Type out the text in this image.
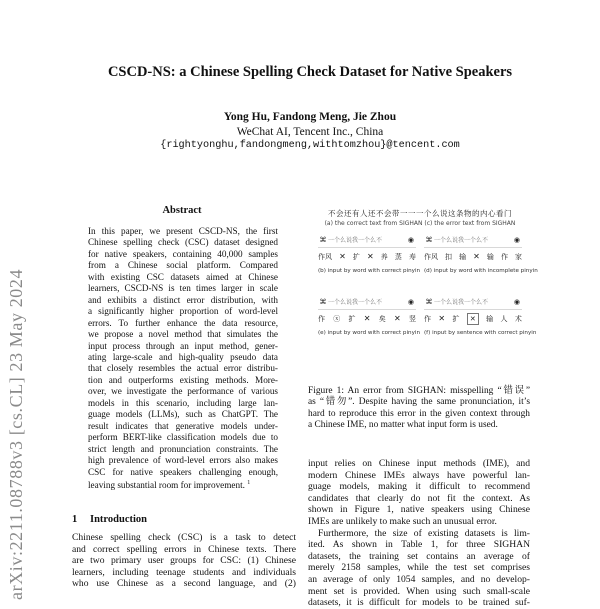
arXiv:2211.08788v3 [cs.CL] 23 May 2024
CSCD-NS: a Chinese Spelling Check Dataset for Native Speakers
Yong Hu, Fandong Meng, Jie Zhou
WeChat AI, Tencent Inc., China
{rightyonghu,fandongmeng,withtomzhou}@tencent.com
Abstract
In this paper, we present CSCD-NS, the first
Chinese spelling check (CSC) dataset designed
for native speakers, containing 40,000 samples
from a Chinese social platform. Compared
with existing CSC datasets aimed at Chinese
learners, CSCD-NS is ten times larger in scale
and exhibits a distinct error distribution, with
a significantly higher proportion of word-level
errors. To further enhance the data resource,
we propose a novel method that simulates the
input process through an input method, gener-
ating large-scale and high-quality pseudo data
that closely resembles the actual error distribu-
tion and outperforms existing methods. More-
over, we investigate the performance of various
models in this scenario, including large lan-
guage models (LLMs), such as ChatGPT. The
result indicates that generative models under-
perform BERT-like classification models due to
strict length and pronunciation constraints. The
high prevalence of word-level errors also makes
CSC for native speakers challenging enough,
leaving substantial room for improvement. $^1$
1 Introduction
Chinese spelling check (CSC) is a task to detect
and correct spelling errors in Chinese texts. There
are two primary user groups for CSC: (1) Chinese
learners, including teenage students and individuals
who use Chinese as a second language, and (2)
不会还有人还不会带一一一个么说这条物的内心看门
(a) the correct text from SIGHAN (c) the error text from SIGHAN
⌘ 一个么说我一个么不	◉
作风 ✕ 扩 ✕ 养 蒸 寿
(b) input by word with correct pinyin
⌘ 一个么说我一个么不	◉
作风 扣 输 ✕ 输 作 家
(d) input by word with incomplete pinyin
⌘ 一个么说我一个么不	◉
作 ⓧ 扩 ✕ 矣 ✕ 竖
(e) input by word with correct pinyin
⌘ 一个么说我一个么不	◉
作 ✕ 扩	✕	输 人 术
(f) input by sentence with correct pinyin
Figure 1: An error from SIGHAN: misspelling “错误”
as “错勿”. Despite having the same pronunciation, it’s
hard to reproduce this error in the given context through
a Chinese IME, no matter what input form is used.
input relies on Chinese input methods (IME), and
modern Chinese IMEs always have powerful lan-
guage models, making it difficult to recommend
candidates that clearly do not fit the context. As
shown in Figure 1, native speakers using Chinese
IMEs are unlikely to make such an unusual error.
Furthermore, the size of existing datasets is lim-
ited. As shown in Table 1, for three SIGHAN
datasets, the training set contains an average of
merely 2158 samples, while the test set comprises
an average of only 1054 samples, and no develop-
ment set is provided. When using such small-scale
datasets, it is difficult for models to be trained suf-
